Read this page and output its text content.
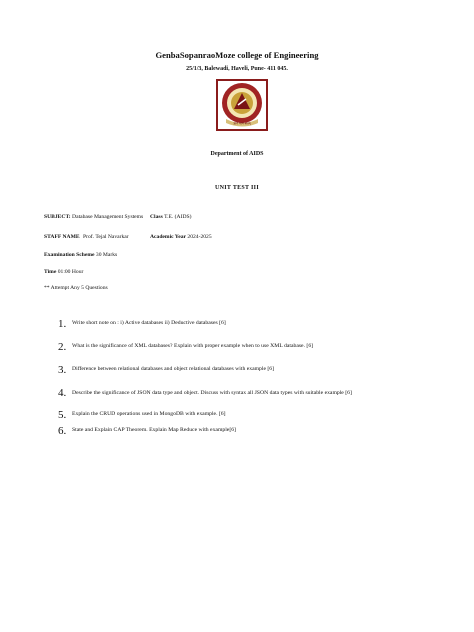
GenbaSopanraoMoze college of Engineering
25/1/3, Balewadi, Haveli, Pune- 411 045.
ज्ञानं परमं बलम्
Department of AIDS
UNIT TEST III
SUBJECT: Database Management Systems Class T.E. (AIDS)
STAFF NAME Prof. Tejal Navarkar	Academic Year 2024-2025
Examination Scheme 30 Marks
Time 01:00 Hour
** Attempt Any 5 Questions
1. Write short note on : i) Active databases ii) Deductive databases [6]
2. What is the significance of XML databases? Explain with proper example when to use XML database. [6]
3. Difference between relational databases and object relational databases with example [6]
4. Describe the significance of JSON data type and object. Discuss with syntax all JSON data types with suitable example [6]
5. Explain the CRUD operations used in MongoDB with example. [6]
6. State and Explain CAP Theorem. Explain Map Reduce with example[6]
